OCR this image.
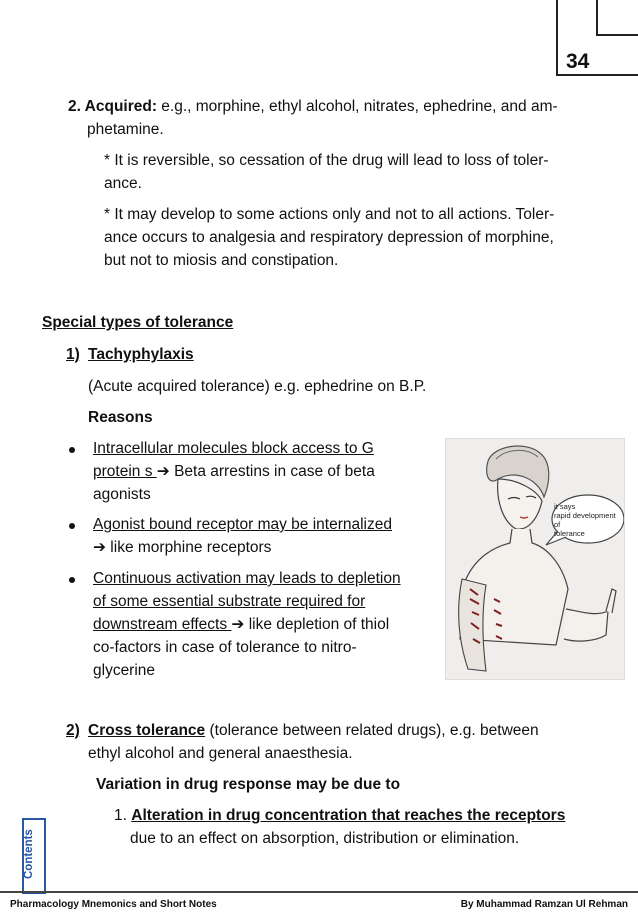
34
2. Acquired: e.g., morphine, ethyl alcohol, nitrates, ephedrine, and am-
phetamine.
* It is reversible, so cessation of the drug will lead to loss of toler-
ance.
* It may develop to some actions only and not to all actions. Toler-
ance occurs to analgesia and respiratory depression of morphine,
but not to miosis and constipation.
Special types of tolerance
1) Tachyphylaxis
(Acute acquired tolerance) e.g. ephedrine on B.P.
Reasons
Intracellular molecules block access to G
protein s ➔ Beta arrestins in case of beta
agonists
Agonist bound receptor may be internalized
➔ like morphine receptors
Continuous activation may leads to depletion
of some essential substrate required for
downstream effects ➔ like depletion of thiol
co-factors in case of tolerance to nitro-
glycerine
it says
rapid development of
tolerance
2) Cross tolerance (tolerance between related drugs), e.g. between
ethyl alcohol and general anaesthesia.
Variation in drug response may be due to
1. Alteration in drug concentration that reaches the receptors
due to an effect on absorption, distribution or elimination.
Contents
Pharmacology Mnemonics and Short Notes	By Muhammad Ramzan Ul Rehman
